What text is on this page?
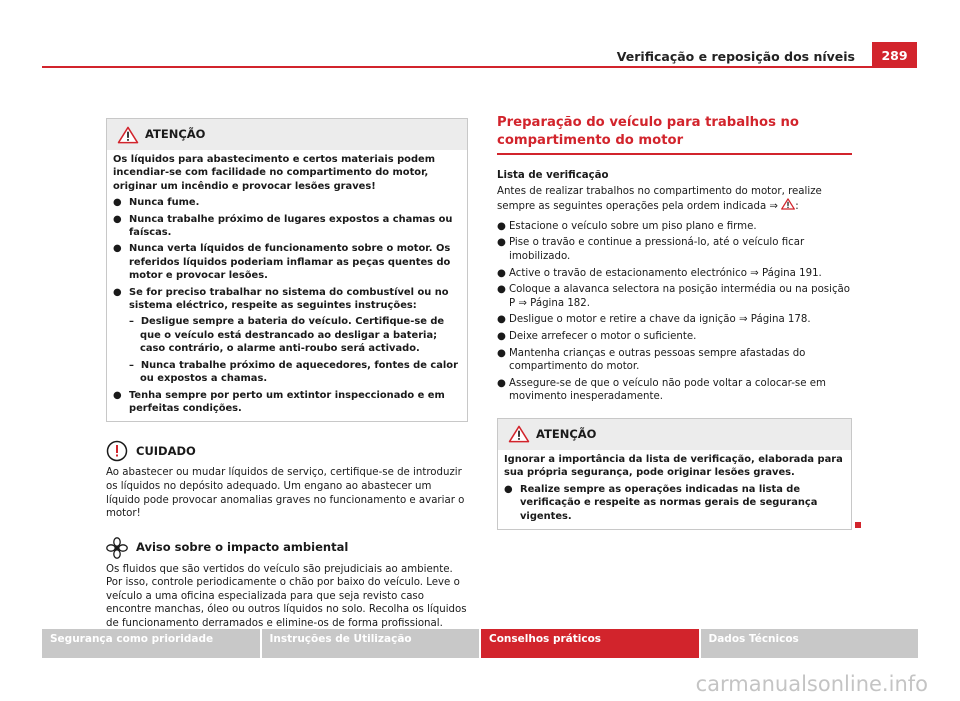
Verificação e reposição dos níveis	289
ATENÇÃO

Os líquidos para abastecimento e certos materiais podem incendiar-se com facilidade no compartimento do motor, originar um incêndio e provocar lesões graves!

● Nunca fume.

● Nunca trabalhe próximo de lugares expostos a chamas ou faíscas.

● Nunca verta líquidos de funcionamento sobre o motor. Os referidos líquidos poderiam inflamar as peças quentes do motor e provocar lesões.

● Se for preciso trabalhar no sistema do combustível ou no sistema eléctrico, respeite as seguintes instruções:

–  Desligue sempre a bateria do veículo. Certifique-se de que o veículo está destrancado ao desligar a bateria; caso contrário, o alarme anti-roubo será activado.

–  Nunca trabalhe próximo de aquecedores, fontes de calor ou expostos a chamas.

● Tenha sempre por perto um extintor inspeccionado e em perfeitas condições.

CUIDADO

Ao abastecer ou mudar líquidos de serviço, certifique-se de introduzir os líquidos no depósito adequado. Um engano ao abastecer um líquido pode provocar anomalias graves no funcionamento e avariar o motor!

Aviso sobre o impacto ambiental

Os fluidos que são vertidos do veículo são prejudiciais ao ambiente. Por isso, controle periodicamente o chão por baixo do veículo. Leve o veículo a uma oficina especializada para que seja revisto caso encontre manchas, óleo ou outros líquidos no solo. Recolha os líquidos de funcionamento derramados e elimine-os de forma profissional.

Preparação do veículo para trabalhos no compartimento do motor
Lista de verificação

Antes de realizar trabalhos no compartimento do motor, realize sempre as seguintes operações pela ordem indicada ⇒ :

● Estacione o veículo sobre um piso plano e firme.

● Pise o travão e continue a pressioná-lo, até o veículo ficar imobilizado.

● Active o travão de estacionamento electrónico ⇒ Página 191.

● Coloque a alavanca selectora na posição intermédia ou na posição P ⇒ Página 182.

● Desligue o motor e retire a chave da ignição ⇒ Página 178.

● Deixe arrefecer o motor o suficiente.

● Mantenha crianças e outras pessoas sempre afastadas do compartimento do motor.

● Assegure-se de que o veículo não pode voltar a colocar-se em movimento inesperadamente.

ATENÇÃO

Ignorar a importância da lista de verificação, elaborada para sua própria segurança, pode originar lesões graves.

● Realize sempre as operações indicadas na lista de verificação e respeite as normas gerais de segurança vigentes.

Segurança como prioridade	Instruções de Utilização	Conselhos práticos	Dados Técnicos
carmanualsonline.info
